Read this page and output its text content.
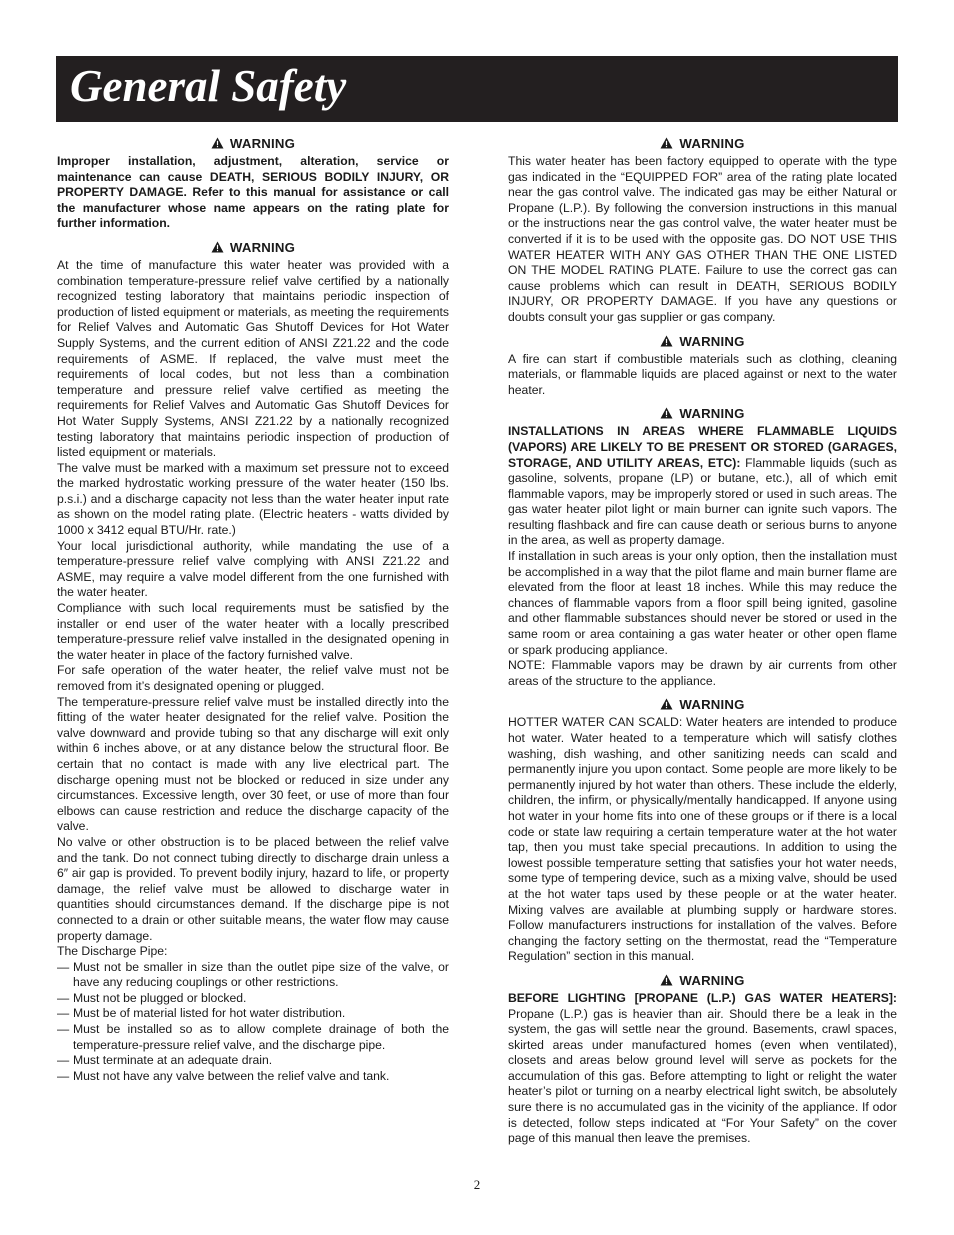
General Safety
WARNING

Improper installation, adjustment, alteration, service or maintenance can cause DEATH, SERIOUS BODILY INJURY, OR PROPERTY DAMAGE. Refer to this manual for assistance or call the manufacturer whose name appears on the rating plate for further information.

WARNING

At the time of manufacture this water heater was provided with a combination temperature-pressure relief valve certified by a nationally recognized testing laboratory that maintains periodic inspection of production of listed equipment or materials, as meeting the requirements for Relief Valves and Automatic Gas Shutoff Devices for Hot Water Supply Systems, and the current edition of ANSI Z21.22 and the code requirements of ASME. If replaced, the valve must meet the requirements of local codes, but not less than a combination temperature and pressure relief valve certified as meeting the requirements for Relief Valves and Automatic Gas Shutoff Devices for Hot Water Supply Systems, ANSI Z21.22 by a nationally recognized testing laboratory that maintains periodic inspection of production of listed equipment or materials.

The valve must be marked with a maximum set pressure not to exceed the marked hydrostatic working pressure of the water heater (150 lbs. p.s.i.) and a discharge capacity not less than the water heater input rate as shown on the model rating plate. (Electric heaters - watts divided by 1000 x 3412 equal BTU/Hr. rate.)

Your local jurisdictional authority, while mandating the use of a temperature-pressure relief valve complying with ANSI Z21.22 and ASME, may require a valve model different from the one furnished with the water heater.

Compliance with such local requirements must be satisfied by the installer or end user of the water heater with a locally prescribed temperature-pressure relief valve installed in the designated opening in the water heater in place of the factory furnished valve.

For safe operation of the water heater, the relief valve must not be removed from it’s designated opening or plugged.

The temperature-pressure relief valve must be installed directly into the fitting of the water heater designated for the relief valve. Position the valve downward and provide tubing so that any discharge will exit only within 6 inches above, or at any distance below the structural floor. Be certain that no contact is made with any live electrical part. The discharge opening must not be blocked or reduced in size under any circumstances. Excessive length, over 30 feet, or use of more than four elbows can cause restriction and reduce the discharge capacity of the valve.

No valve or other obstruction is to be placed between the relief valve and the tank. Do not connect tubing directly to discharge drain unless a 6″ air gap is provided. To prevent bodily injury, hazard to life, or property damage, the relief valve must be allowed to discharge water in quantities should circumstances demand. If the discharge pipe is not connected to a drain or other suitable means, the water flow may cause property damage.

The Discharge Pipe:

— Must not be smaller in size than the outlet pipe size of the valve, or have any reducing couplings or other restrictions.
— Must not be plugged or blocked.
— Must be of material listed for hot water distribution.
— Must be installed so as to allow complete drainage of both the temperature-pressure relief valve, and the discharge pipe.
— Must terminate at an adequate drain.
— Must not have any valve between the relief valve and tank.
WARNING

This water heater has been factory equipped to operate with the type gas indicated in the “EQUIPPED FOR” area of the rating plate located near the gas control valve. The indicated gas may be either Natural or Propane (L.P.). By following the conversion instructions in this manual or the instructions near the gas control valve, the water heater must be converted if it is to be used with the opposite gas. DO NOT USE THIS WATER HEATER WITH ANY GAS OTHER THAN THE ONE LISTED ON THE MODEL RATING PLATE. Failure to use the correct gas can cause problems which can result in DEATH, SERIOUS BODILY INJURY, OR PROPERTY DAMAGE. If you have any questions or doubts consult your gas supplier or gas company.

WARNING

A fire can start if combustible materials such as clothing, cleaning materials, or flammable liquids are placed against or next to the water heater.

WARNING

INSTALLATIONS IN AREAS WHERE FLAMMABLE LIQUIDS (VAPORS) ARE LIKELY TO BE PRESENT OR STORED (GARAGES, STORAGE, AND UTILITY AREAS, ETC): Flammable liquids (such as gasoline, solvents, propane (LP) or butane, etc.), all of which emit flammable vapors, may be improperly stored or used in such areas. The gas water heater pilot light or main burner can ignite such vapors. The resulting flashback and fire can cause death or serious burns to anyone in the area, as well as property damage.

If installation in such areas is your only option, then the installation must be accomplished in a way that the pilot flame and main burner flame are elevated from the floor at least 18 inches. While this may reduce the chances of flammable vapors from a floor spill being ignited, gasoline and other flammable substances should never be stored or used in the same room or area containing a gas water heater or other open flame or spark producing appliance.

NOTE: Flammable vapors may be drawn by air currents from other areas of the structure to the appliance.

WARNING

HOTTER WATER CAN SCALD: Water heaters are intended to produce hot water. Water heated to a temperature which will satisfy clothes washing, dish washing, and other sanitizing needs can scald and permanently injure you upon contact. Some people are more likely to be permanently injured by hot water than others. These include the elderly, children, the infirm, or physically/mentally handicapped. If anyone using hot water in your home fits into one of these groups or if there is a local code or state law requiring a certain temperature water at the hot water tap, then you must take special precautions. In addition to using the lowest possible temperature setting that satisfies your hot water needs, some type of tempering device, such as a mixing valve, should be used at the hot water taps used by these people or at the water heater. Mixing valves are available at plumbing supply or hardware stores. Follow manufacturers instructions for installation of the valves. Before changing the factory setting on the thermostat, read the “Temperature Regulation” section in this manual.

WARNING

BEFORE LIGHTING [PROPANE (L.P.) GAS WATER HEATERS]: Propane (L.P.) gas is heavier than air. Should there be a leak in the system, the gas will settle near the ground. Basements, crawl spaces, skirted areas under manufactured homes (even when ventilated), closets and areas below ground level will serve as pockets for the accumulation of this gas. Before attempting to light or relight the water heater’s pilot or turning on a nearby electrical light switch, be absolutely sure there is no accumulated gas in the vicinity of the appliance. If odor is detected, follow steps indicated at “For Your Safety” on the cover page of this manual then leave the premises.

2
